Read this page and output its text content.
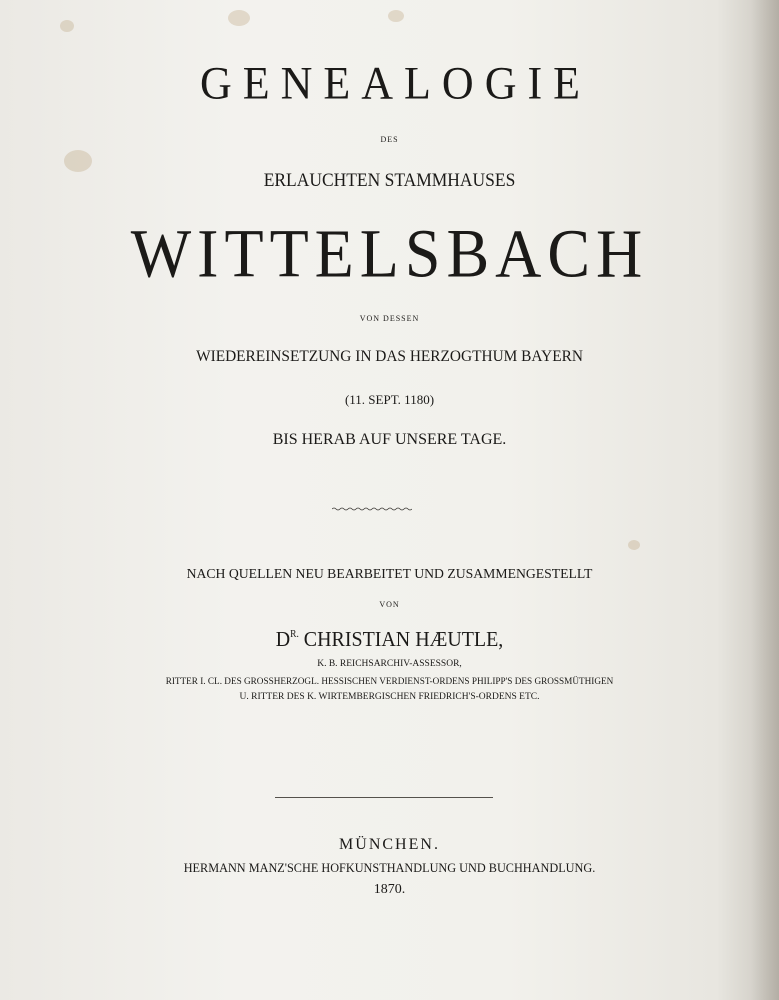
GENEALOGIE
DES
ERLAUCHTEN STAMMHAUSES
WITTELSBACH
VON DESSEN
WIEDEREINSETZUNG IN DAS HERZOGTHUM BAYERN
(11. SEPT. 1180)
BIS HERAB AUF UNSERE TAGE.
NACH QUELLEN NEU BEARBEITET UND ZUSAMMENGESTELLT
VON
$D^{R.}$ CHRISTIAN HÆUTLE,
K. B. REICHSARCHIV-ASSESSOR,
RITTER I. CL. DES GROSSHERZOGL. HESSISCHEN VERDIENST-ORDENS PHILIPP'S DES GROSSMÜTHIGEN
U. RITTER DES K. WIRTEMBERGISCHEN FRIEDRICH'S-ORDENS ETC.
MÜNCHEN.
HERMANN MANZ'SCHE HOFKUNSTHANDLUNG UND BUCHHANDLUNG.
1870.
